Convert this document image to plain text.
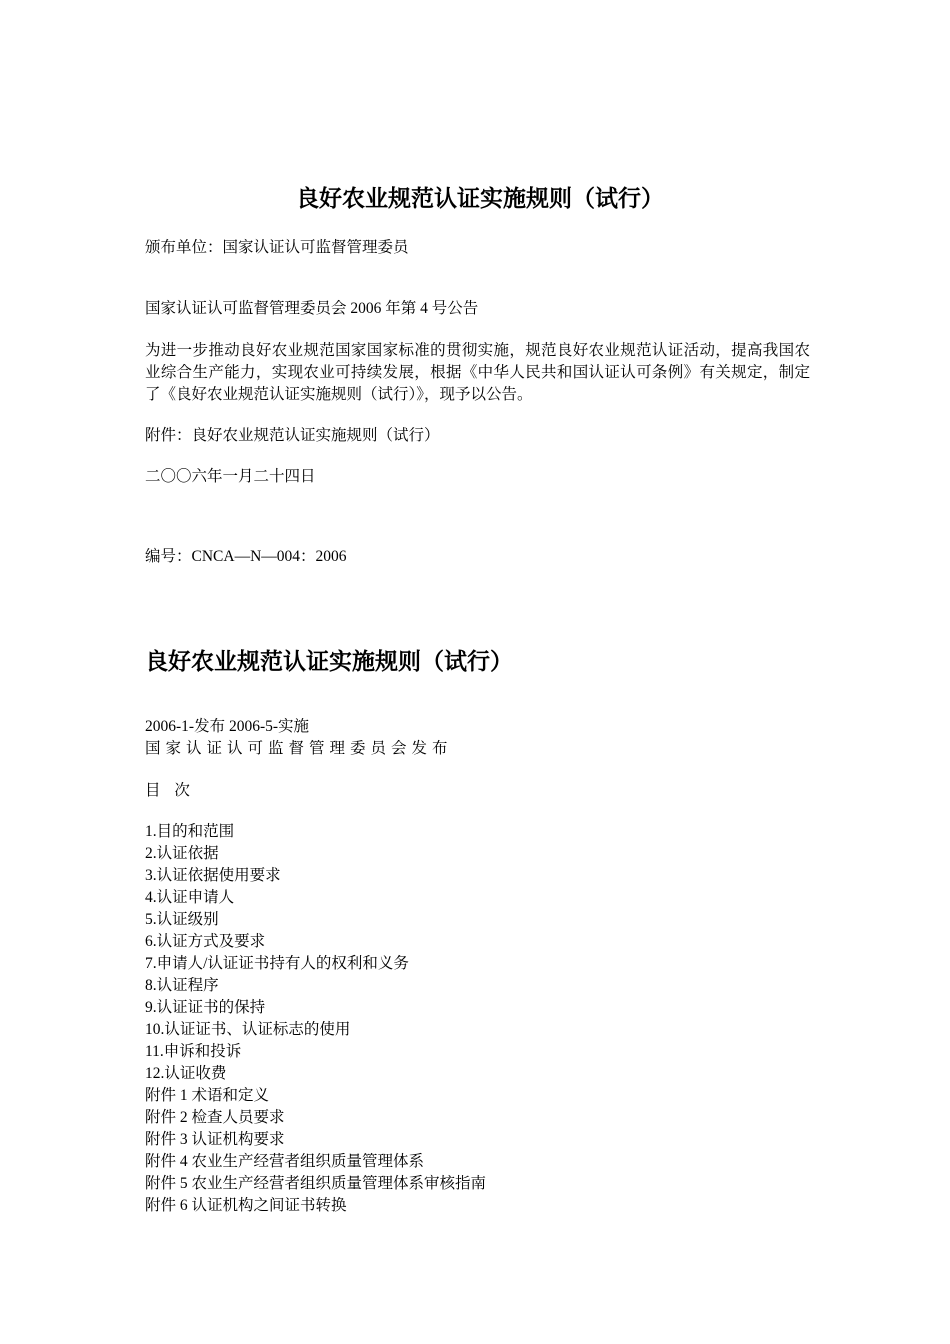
良好农业规范认证实施规则（试行）

颁布单位：国家认证认可监督管理委员

国家认证认可监督管理委员会 2006 年第 4 号公告

为进一步推动良好农业规范国家国家标准的贯彻实施，规范良好农业规范认证活动，提高我国农业综合生产能力，实现农业可持续发展，根据《中华人民共和国认证认可条例》有关规定，制定了《良好农业规范认证实施规则（试行）》，现予以公告。

附件：良好农业规范认证实施规则（试行）

二〇〇六年一月二十四日

编号：CNCA—N—004：2006

良好农业规范认证实施规则（试行）

2006-1-发布 2006-5-实施

国家认证认可监督管理委员会发布

目 次

1.目的和范围
2.认证依据
3.认证依据使用要求
4.认证申请人
5.认证级别
6.认证方式及要求
7.申请人/认证证书持有人的权利和义务
8.认证程序
9.认证证书的保持
10.认证证书、认证标志的使用
11.申诉和投诉
12.认证收费
附件 1 术语和定义
附件 2 检查人员要求
附件 3 认证机构要求
附件 4 农业生产经营者组织质量管理体系
附件 5 农业生产经营者组织质量管理体系审核指南
附件 6 认证机构之间证书转换
